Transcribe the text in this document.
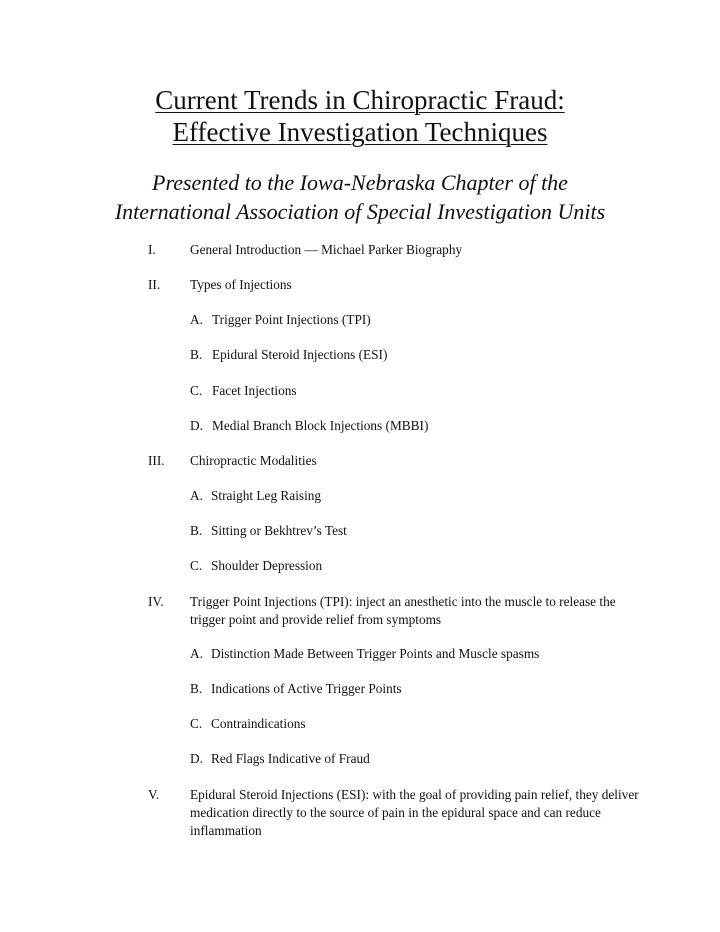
Current Trends in Chiropractic Fraud:
Effective Investigation Techniques
Presented to the Iowa-Nebraska Chapter of the
International Association of Special Investigation Units
I.	General Introduction — Michael Parker Biography
II. Types of Injections
A. Trigger Point Injections (TPI)
B. Epidural Steroid Injections (ESI)
C. Facet Injections
D. Medial Branch Block Injections (MBBI)
III. Chiropractic Modalities
A. Straight Leg Raising
B. Sitting or Bekhtrev’s Test
C. Shoulder Depression
IV. Trigger Point Injections (TPI): inject an anesthetic into the muscle to release the trigger point and provide relief from symptoms
A. Distinction Made Between Trigger Points and Muscle spasms
B. Indications of Active Trigger Points
C. Contraindications
D. Red Flags Indicative of Fraud
V. Epidural Steroid Injections (ESI): with the goal of providing pain relief, they deliver medication directly to the source of pain in the epidural space and can reduce inflammation
